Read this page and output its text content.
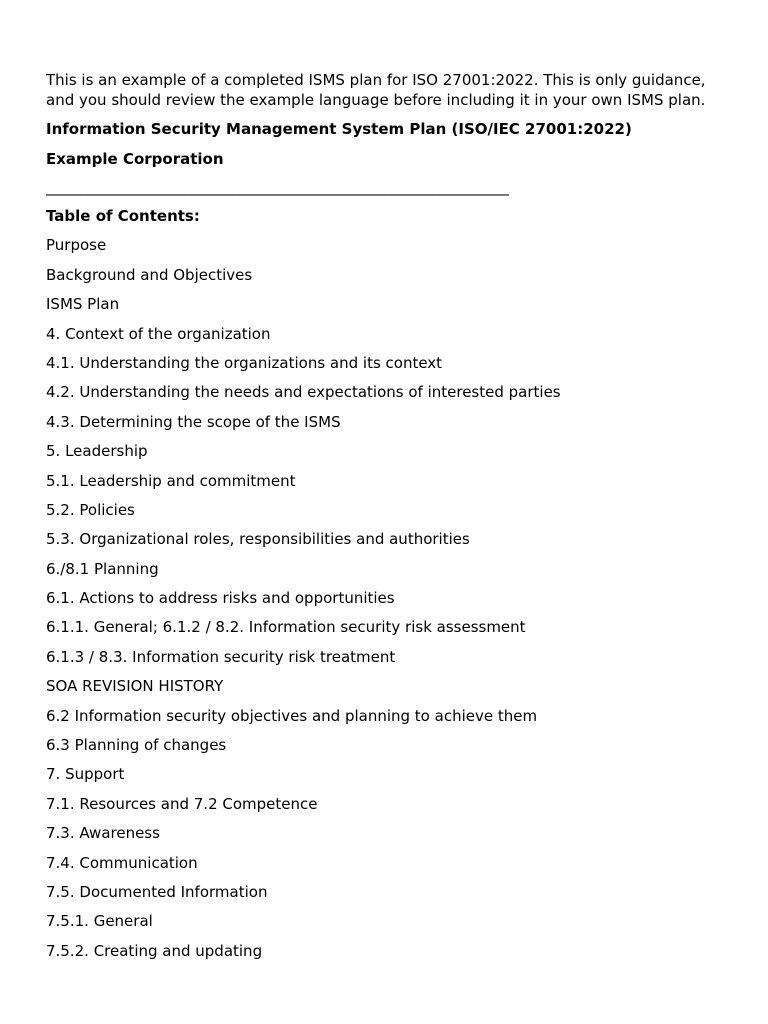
This is an example of a completed ISMS plan for ISO 27001:2022. This is only guidance, and you should review the example language before including it in your own ISMS plan.

Information Security Management System Plan (ISO/IEC 27001:2022)

Example Corporation

___________________________________________________________________

Table of Contents:

Purpose
Background and Objectives
ISMS Plan
4. Context of the organization
4.1. Understanding the organizations and its context
4.2. Understanding the needs and expectations of interested parties
4.3. Determining the scope of the ISMS
5. Leadership
5.1. Leadership and commitment
5.2. Policies
5.3. Organizational roles, responsibilities and authorities
6./8.1 Planning
6.1. Actions to address risks and opportunities
6.1.1. General; 6.1.2 / 8.2. Information security risk assessment
6.1.3 / 8.3. Information security risk treatment
SOA REVISION HISTORY
6.2 Information security objectives and planning to achieve them
6.3 Planning of changes
7. Support
7.1. Resources and 7.2 Competence
7.3. Awareness
7.4. Communication
7.5. Documented Information
7.5.1. General
7.5.2. Creating and updating
